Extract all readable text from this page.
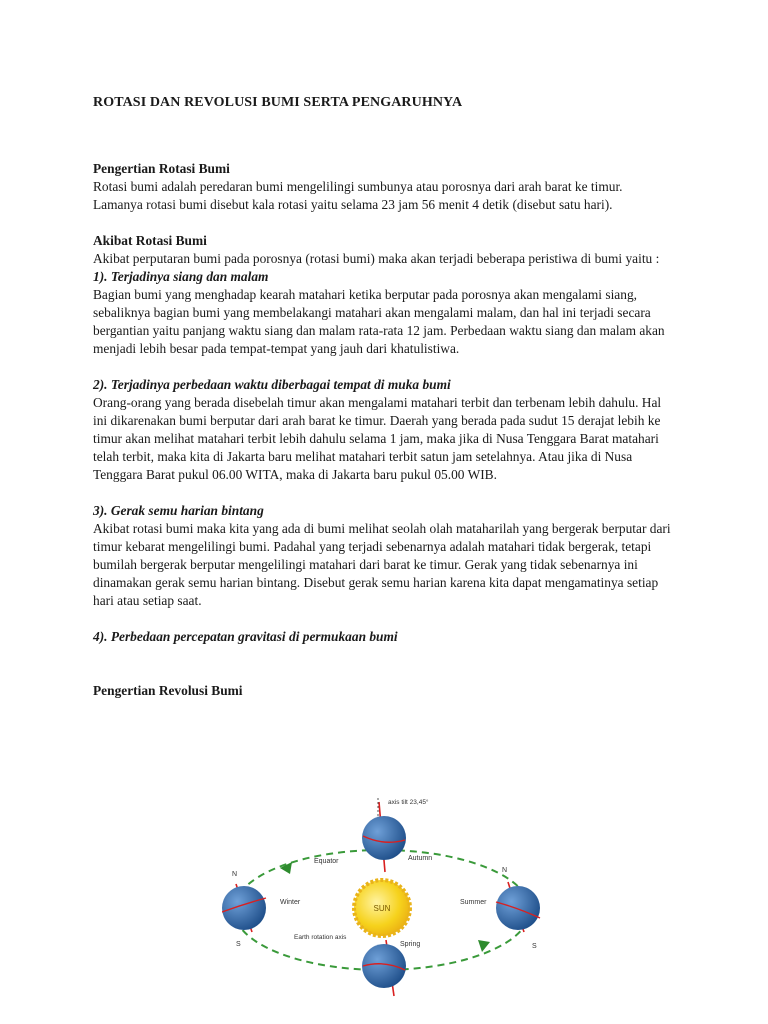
ROTASI DAN REVOLUSI BUMI SERTA PENGARUHNYA
Pengertian Rotasi Bumi

Rotasi bumi adalah peredaran bumi mengelilingi sumbunya atau porosnya dari arah barat ke timur. Lamanya rotasi bumi disebut kala rotasi yaitu selama 23 jam 56 menit 4 detik (disebut satu hari).

Akibat Rotasi Bumi

Akibat perputaran bumi pada porosnya (rotasi bumi) maka akan terjadi beberapa peristiwa di bumi yaitu :

1). Terjadinya siang dan malam

Bagian bumi yang menghadap kearah matahari ketika berputar pada porosnya akan mengalami siang, sebaliknya bagian bumi yang membelakangi matahari akan mengalami malam, dan hal ini terjadi secara bergantian yaitu panjang waktu siang dan malam rata-rata 12 jam. Perbedaan waktu siang dan malam akan menjadi lebih besar pada tempat-tempat yang jauh dari khatulistiwa.

2). Terjadinya perbedaan waktu diberbagai tempat di muka bumi

Orang-orang yang berada disebelah timur akan mengalami matahari terbit dan terbenam lebih dahulu. Hal ini dikarenakan bumi berputar dari arah barat ke timur. Daerah yang berada pada sudut 15 derajat lebih ke timur akan melihat matahari terbit lebih dahulu selama 1 jam, maka jika di Nusa Tenggara Barat matahari telah terbit, maka kita di Jakarta baru melihat matahari terbit satun jam setelahnya. Atau jika di Nusa Tenggara Barat pukul 06.00 WITA, maka di Jakarta baru pukul 05.00 WIB.

3). Gerak semu harian bintang

Akibat rotasi bumi maka kita yang ada di bumi melihat seolah olah mataharilah yang bergerak berputar dari timur kebarat mengelilingi bumi. Padahal yang terjadi sebenarnya adalah matahari tidak bergerak, tetapi bumilah bergerak berputar mengelilingi matahari dari barat ke timur. Gerak yang tidak sebenarnya ini dinamakan gerak semu harian bintang. Disebut gerak semu harian karena kita dapat mengamatinya setiap hari atau setiap saat.

4). Perbedaan percepatan gravitasi di permukaan bumi
Pengertian Revolusi Bumi
SUN
axis tilt 23,45°
Equator	Autumn
Winter	Summer
Spring
Earth rotation axis
N
S
N
S
